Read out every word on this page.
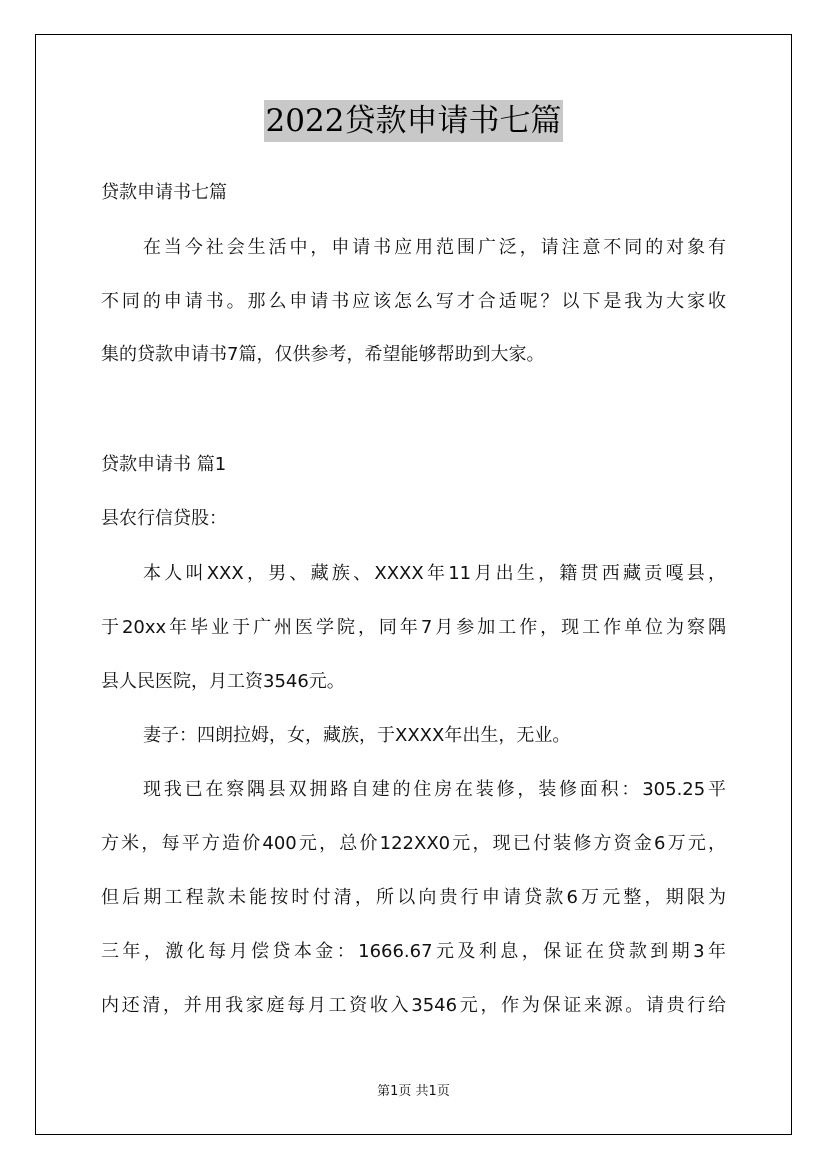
2022贷款申请书七篇
贷款申请书七篇
在当今社会生活中，申请书应用范围广泛，请注意不同的对象有
不同的申请书。那么申请书应该怎么写才合适呢？以下是我为大家收
集的贷款申请书7篇，仅供参考，希望能够帮助到大家。
贷款申请书 篇1
县农行信贷股：
本人叫XXX，男、藏族、XXXX年11月出生，籍贯西藏贡嘎县，
于20xx年毕业于广州医学院，同年7月参加工作，现工作单位为察隅
县人民医院，月工资3546元。
妻子：四朗拉姆，女，藏族，于XXXX年出生，无业。
现我已在察隅县双拥路自建的住房在装修，装修面积：305.25平
方米，每平方造价400元，总价122XX0元，现已付装修方资金6万元，
但后期工程款未能按时付清，所以向贵行申请贷款6万元整，期限为
三年，激化每月偿贷本金：1666.67元及利息，保证在贷款到期3年
内还清，并用我家庭每月工资收入3546元，作为保证来源。请贵行给
第1页 共1页
